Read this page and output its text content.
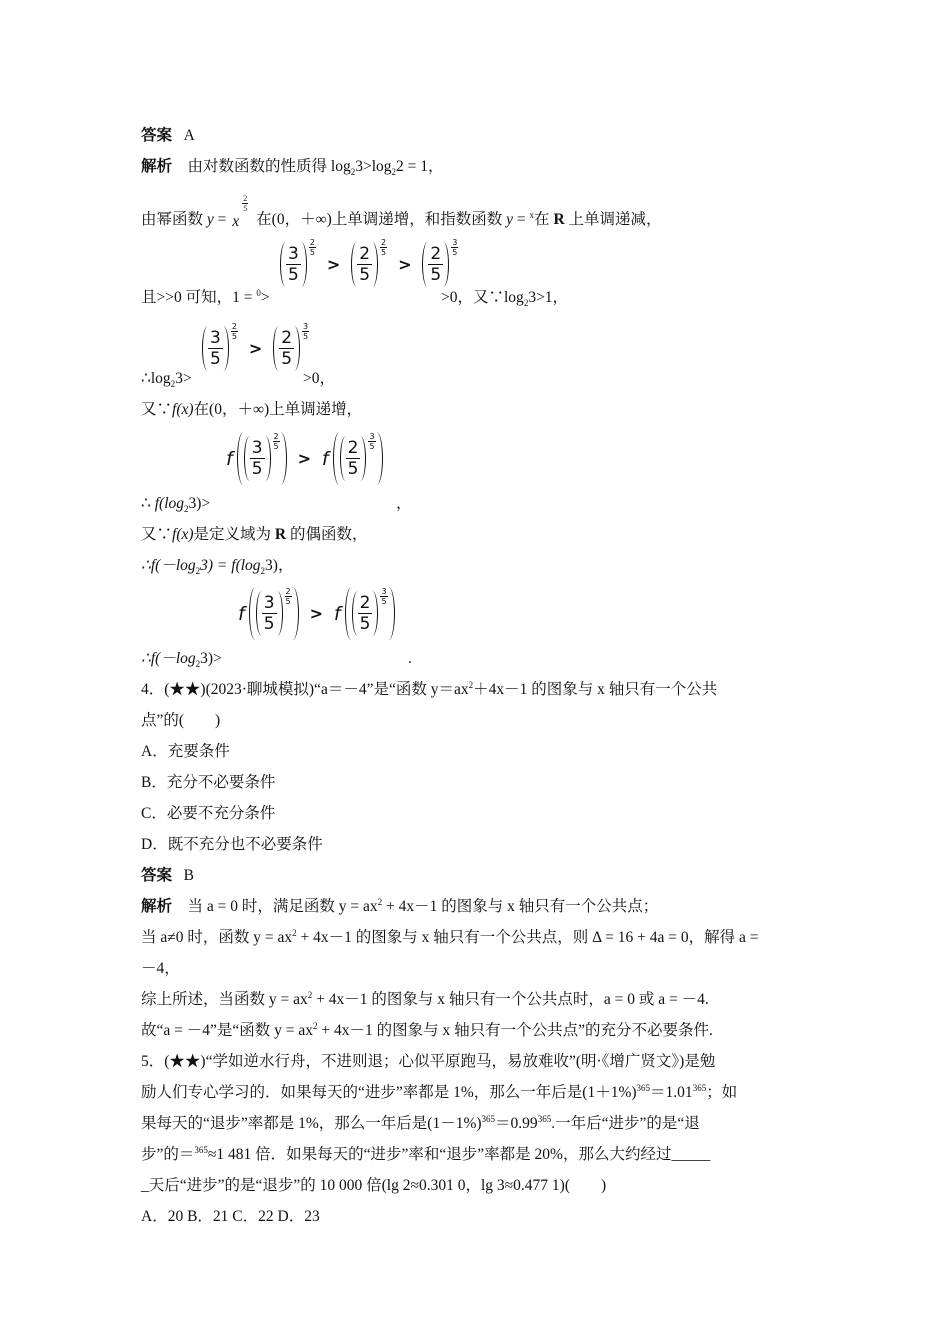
答案 A
解析 由对数函数的性质得 $\log_23>\log_22 = 1$，
由幂函数 y = x
2
5
在(0，＋∞)上单调递增，和指数函数 y = $^x$在 R 上单调递减，
$\frac{3}{5} \frac{2}{5}$
> $\frac{2}{5} \frac{2}{5}$
> $\frac{2}{5} \frac{3}{5}$
且>>0 可知，1 = $^0$>	>0，又$\because\log_23>1$，
$\frac{3}{5} \frac{2}{5}$
> $\frac{2}{5} \frac{3}{5}$
$\therefore\log_23>$	>0，
又∵f(x)在(0，＋∞)上单调递增，
f $\frac{3}{5} \frac{2}{5}$
> f $\frac{2}{5} \frac{3}{5}$
∴ $f(\log_23)>$	，
又∵f(x)是定义域为 R 的偶函数，
$\therefore f(-\log_23) = f(\log_23)$，
f $\frac{3}{5} \frac{2}{5}$
> f $\frac{2}{5} \frac{3}{5}$
$\therefore f(-\log_23)>$	.
4．(★★)(2023·聊城模拟)“a＝－4”是“函数 $y=ax^2+4x-1$ 的图象与 x 轴只有一个公共
点”的(　　)
A．充要条件
B．充分不必要条件
C．必要不充分条件
D．既不充分也不必要条件
答案 B
解析 当 a = 0 时，满足函数 $y = ax^2 + 4x-1$ 的图象与 x 轴只有一个公共点；
当 a≠0 时，函数 $y = ax^2 + 4x-1$ 的图象与 x 轴只有一个公共点，则 Δ = 16 + 4a = 0，解得 a =
－4，
综上所述，当函数 $y = ax^2 + 4x-1$ 的图象与 x 轴只有一个公共点时，a = 0 或 a = －4.
故“a = －4”是“函数 $y = ax^2 + 4x-1$ 的图象与 x 轴只有一个公共点”的充分不必要条件.
5．(★★)“学如逆水行舟，不进则退；心似平原跑马，易放难收”(明·《增广贤文》)是勉
励人们专心学习的．如果每天的“进步”率都是 1%，那么一年后是$(1+1\%)^{365}=1.01^{365}$；如
果每天的“退步”率都是 1%，那么一年后是$(1-1\%)^{365}=0.99^{365}$.一年后“进步”的是“退
步”的＝$^{365}$≈1 481 倍．如果每天的“进步”率和“退步”率都是 20%，那么大约经过_____
_天后“进步”的是“退步”的 10 000 倍(lg 2≈0.301 0，lg 3≈0.477 1)(　　)
A．20 B．21 C．22 D．23
